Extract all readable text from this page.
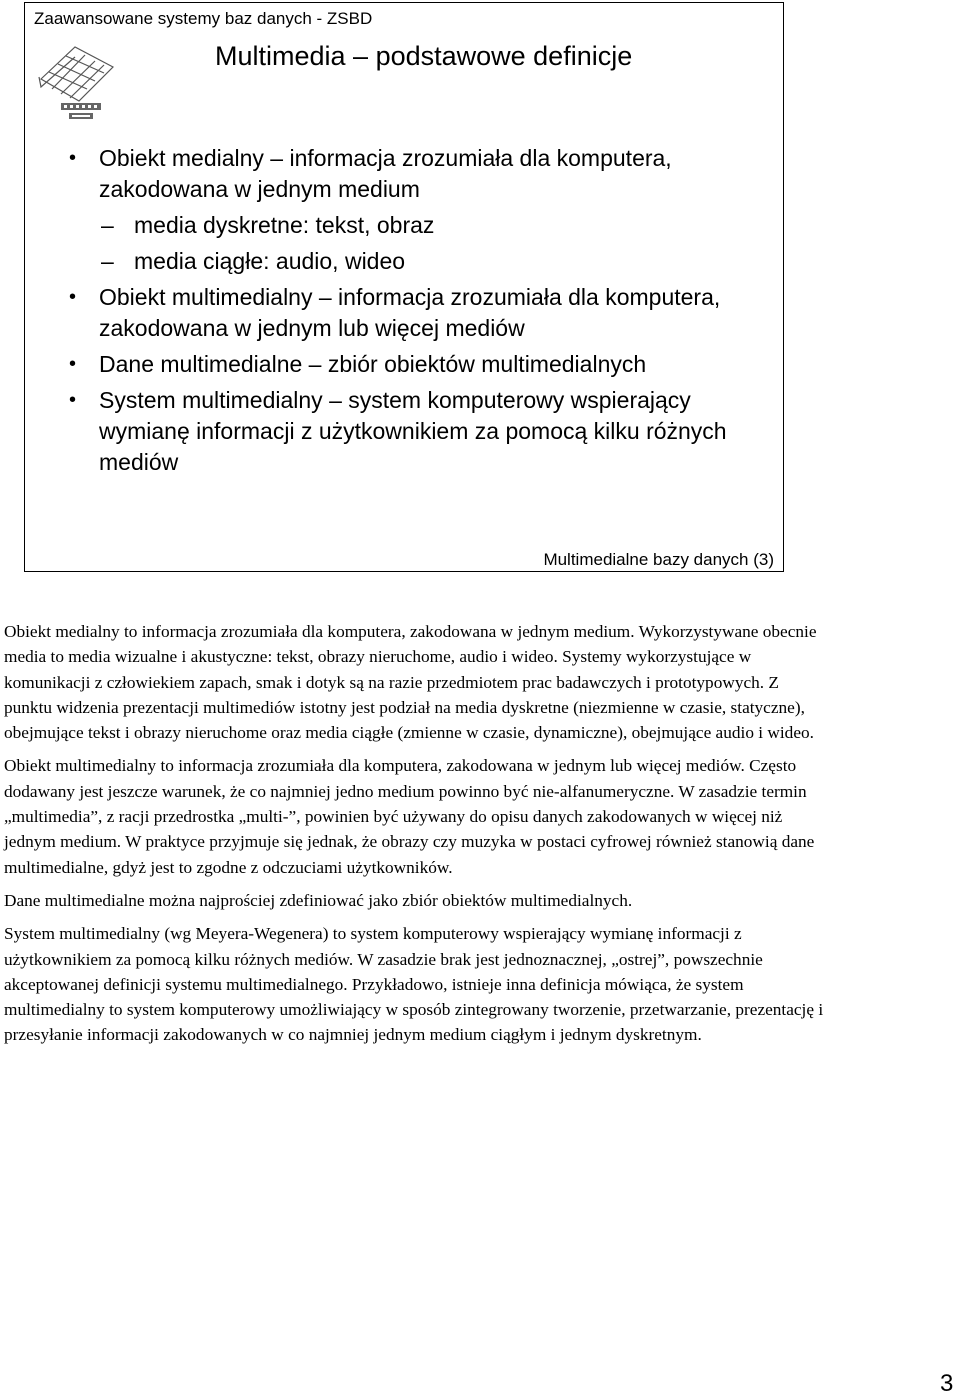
Zaawansowane systemy baz danych - ZSBD
Multimedia – podstawowe definicje
• Obiekt medialny – informacja zrozumiała dla komputera, zakodowana w jednym medium
– media dyskretne: tekst, obraz
– media ciągłe: audio, wideo
• Obiekt multimedialny – informacja zrozumiała dla komputera, zakodowana w jednym lub więcej mediów
• Dane multimedialne – zbiór obiektów multimedialnych
• System multimedialny – system komputerowy wspierający wymianę informacji z użytkownikiem za pomocą kilku różnych mediów
Multimedialne bazy danych (3)

Obiekt medialny to informacja zrozumiała dla komputera, zakodowana w jednym medium. Wykorzystywane obecnie media to media wizualne i akustyczne: tekst, obrazy nieruchome, audio i wideo. Systemy wykorzystujące w komunikacji z człowiekiem zapach, smak i dotyk są na razie przedmiotem prac badawczych i prototypowych. Z punktu widzenia prezentacji multimediów istotny jest podział na media dyskretne (niezmienne w czasie, statyczne), obejmujące tekst i obrazy nieruchome oraz media ciągłe (zmienne w czasie, dynamiczne), obejmujące audio i wideo.

Obiekt multimedialny to informacja zrozumiała dla komputera, zakodowana w jednym lub więcej mediów. Często dodawany jest jeszcze warunek, że co najmniej jedno medium powinno być nie-alfanumeryczne. W zasadzie termin „multimedia”, z racji przedrostka „multi-”, powinien być używany do opisu danych zakodowanych w więcej niż jednym medium. W praktyce przyjmuje się jednak, że obrazy czy muzyka w postaci cyfrowej również stanowią dane multimedialne, gdyż jest to zgodne z odczuciami użytkowników.

Dane multimedialne można najprościej zdefiniować jako zbiór obiektów multimedialnych.

System multimedialny (wg Meyera-Wegenera) to system komputerowy wspierający wymianę informacji z użytkownikiem za pomocą kilku różnych mediów. W zasadzie brak jest jednoznacznej, „ostrej”, powszechnie akceptowanej definicji systemu multimedialnego. Przykładowo, istnieje inna definicja mówiąca, że system multimedialny to system komputerowy umożliwiający w sposób zintegrowany tworzenie, przetwarzanie, prezentację i przesyłanie informacji zakodowanych w co najmniej jednym medium ciągłym i jednym dyskretnym.

3
